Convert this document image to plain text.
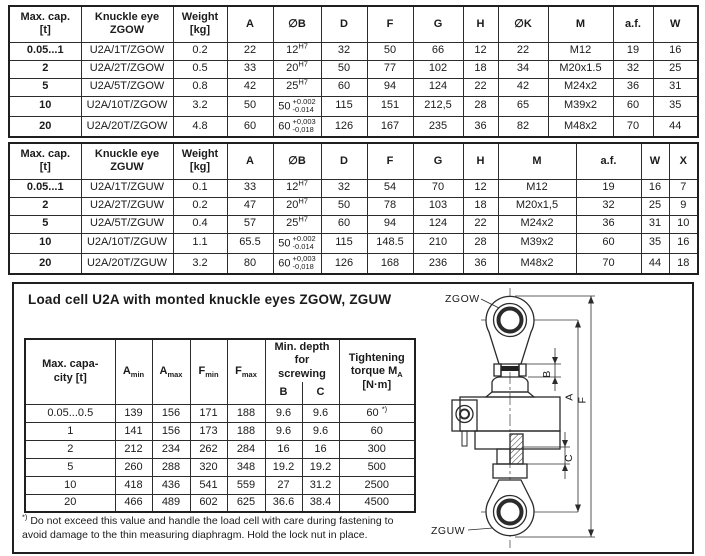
Max. cap.
[t]	Knuckle eye
ZGOW	Weight
[kg]	A	∅B	D	F	G	H	∅K	M	a.f.	W
0.05...1	U2A/1T/ZGOW	0.2	22	$12^{H7}$	32	50	66	12	22	M12	19	16
2	U2A/2T/ZGOW	0.5	33	$20^{H7}$	50	77	102	18	34	M20x1.5	32	25
5	U2A/5T/ZGOW	0.8	42	$25^{H7}$	60	94	124	22	42	M24x2	36	31
10	U2A/10T/ZGOW	3.2	50	50 +0.002
-0.014	115	151	212,5	28	65	M39x2	60	35
20	U2A/20T/ZGOW	4.8	60	60 +0,003
-0,018	126	167	235	36	82	M48x2	70	44
Max. cap.
[t]	Knuckle eye
ZGUW	Weight
[kg]	A	∅B	D	F	G	H	M	a.f.	W	X
0.05...1	U2A/1T/ZGUW	0.1	33	$12^{H7}$	32	54	70	12	M12	19	16	7
2	U2A/2T/ZGUW	0.2	47	$20^{H7}$	50	78	103	18	M20x1,5	32	25	9
5	U2A/5T/ZGUW	0.4	57	$25^{H7}$	60	94	124	22	M24x2	36	31	10
10	U2A/10T/ZGUW	1.1	65.5	50 +0.002
-0.014	115	148.5	210	28	M39x2	60	35	16
20	U2A/20T/ZGUW	3.2	80	60 +0,003
-0,018	126	168	236	36	M48x2	70	44	18
Load cell U2A with monted knuckle eyes ZGOW, ZGUW
Max. capa-
city [t]	$A_{min}$	$A_{max}$	$F_{min}$	$F_{max}$	Min. depth for
screwing		Tightening
torque $M_A$
[N·m]
					B	C	
0.05...0.5	139	156	171	188	9.6	9.6	60 *)
1	141	156	173	188	9.6	9.6	60
2	212	234	262	284	16	16	300
5	260	288	320	348	19.2	19.2	500
10	418	436	541	559	27	31.2	2500
20	466	489	602	625	36.6	38.4	4500
*) Do not exceed this value and handle the load cell with care during fastening to avoid damage to the thin measuring diaphragm. Hold the lock nut in place.
ZGOW
ZGUW
B
C
A F
